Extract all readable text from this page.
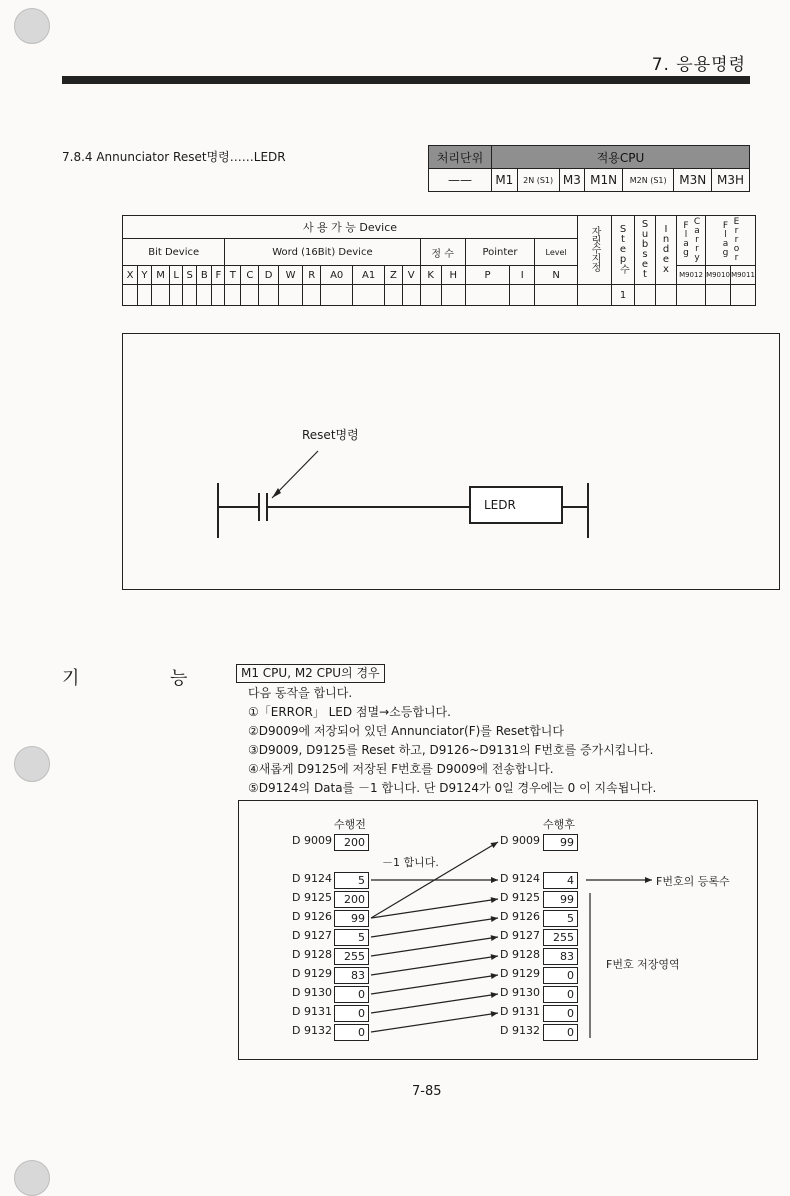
7. 응용명령
7.8.4 Annunciator Reset명령……LEDR	처리단위	적용CPU						
——	M1	2N (S1)	M3	M1N	M2N (S1)	M3N	M3H
사 용 가 능 Device																					자릿수지정	Step수	Subset	Index	Carry Flag	Error Flag	
Bit Device							Word (16Bit) Device									정 수		Pointer		Level							
X	Y	M	L	S	B	F	T	C	D	W	R	A0	A1	Z	V	K	H	P	I	N					M9012	M9010	M9011
																						1					
Reset명령
LEDR
기	능	M1 CPU, M2 CPU의 경우
다음 동작을 합니다.
①「ERROR」 LED 점멸→소등합니다.
②D9009에 저장되어 있던 Annunciator(F)를 Reset합니다
③D9009, D9125를 Reset 하고, D9126~D9131의 F번호를 증가시킵니다.
④새롭게 D9125에 저장된 F번호를 D9009에 전송합니다.
⑤D9124의 Data를 －1 합니다. 단 D9124가 0일 경우에는 0 이 지속됩니다.
수행전	수행후
－1 합니다.
F번호의 등록수
F번호 저장영역
D 9009	200	D 9009	99
D 9124	5	D 9124	4
D 9125	200	D 9125	99
D 9126	99	D 9126	5
D 9127	5	D 9127	255
D 9128	255	D 9128	83
D 9129	83	D 9129	0
D 9130	0	D 9130	0
D 9131	0	D 9131	0
D 9132	0	D 9132	0
7-85
